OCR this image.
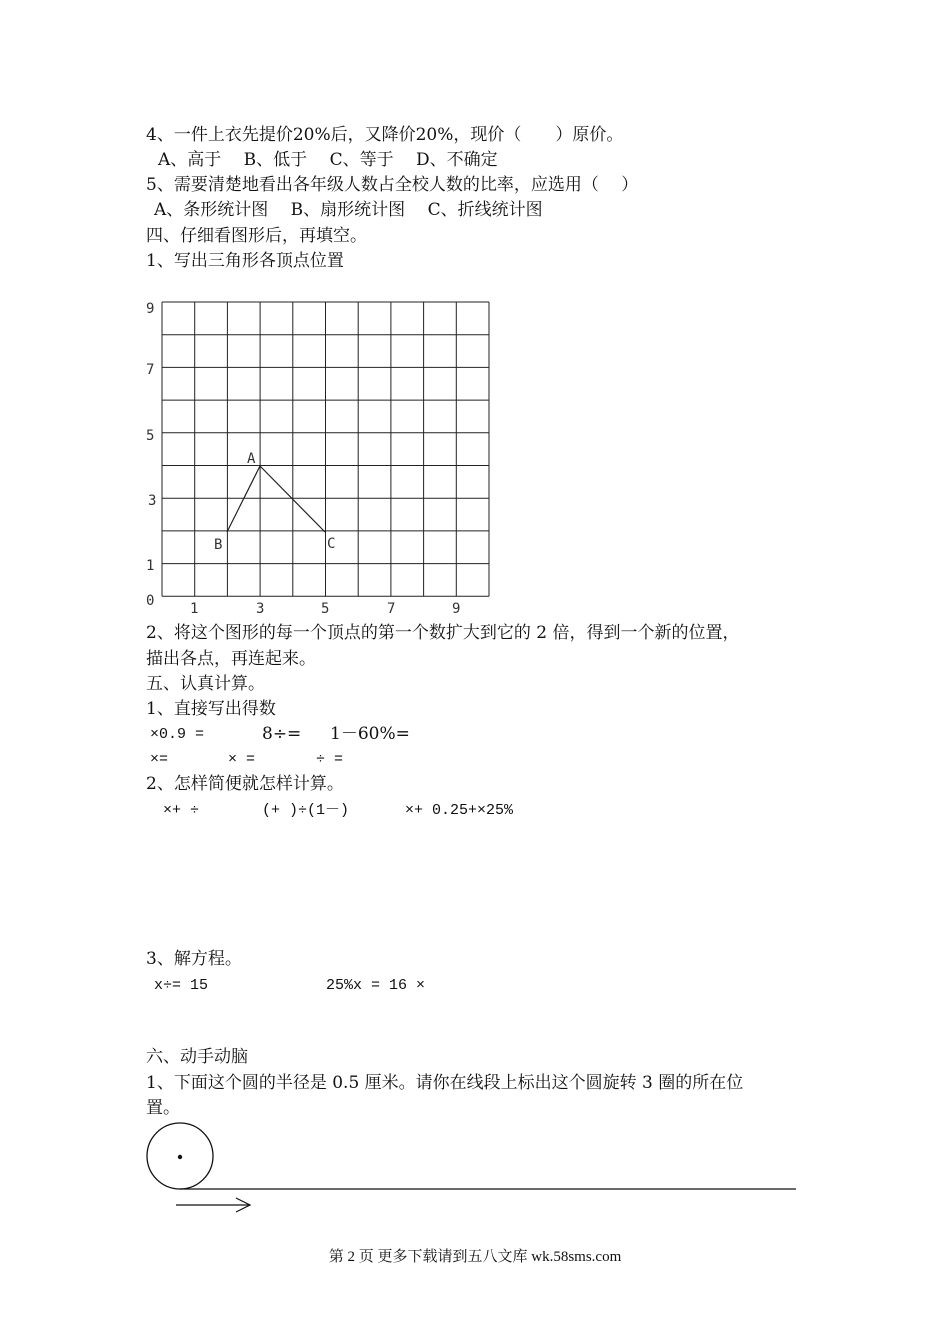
4、一件上衣先提价20%后，又降价20%，现价（　　）原价。
A、高于　 B、低于　 C、等于　 D、不确定
5、需要清楚地看出各年级人数占全校人数的比率，应选用（　 ）
A、条形统计图　 B、扇形统计图　 C、折线统计图
四、仔细看图形后，再填空。
1、写出三角形各顶点位置
9
7
5
3
1
0	1	3	5	7	9
A
B	C
2、将这个图形的每一个顶点的第一个数扩大到它的 2 倍，得到一个新的位置，
描出各点，再连起来。
五、认真计算。
1、直接写出得数
×0.9 =	8÷= 1－60%=
×=	× =	÷ =
2、怎样简便就怎样计算。
×+ ÷	(+ )÷(1－)	×+ 0.25+×25%
3、解方程。
x÷= 15	25%x = 16 ×
六、动手动脑
1、下面这个圆的半径是 0.5 厘米。请你在线段上标出这个圆旋转 3 圈的所在位
置。
第 2 页 更多下载请到五八文库 wk.58sms.com
